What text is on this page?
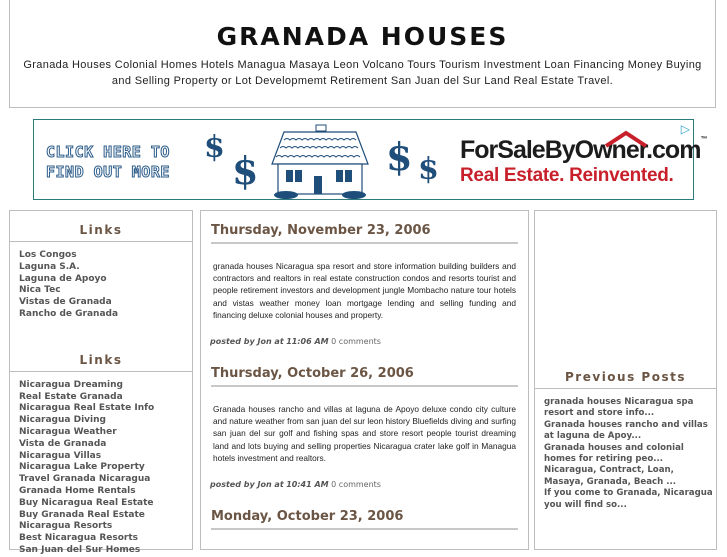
GRANADA HOUSES
Granada Houses Colonial Homes Hotels Managua Masaya Leon Volcano Tours Tourism Investment Loan Financing Money Buying and Selling Property or Lot Developmemt Retirement San Juan del Sur Land Real Estate Travel.
CLICK HERE TO
FIND OUT MORE
$
$	$ $
ForSaleByOwner.com™
Real Estate. Reinvented.
▷
Links
Los Congos
Laguna S.A.
Laguna de Apoyo
Nica Tec
Vistas de Granada
Rancho de Granada
Links
Nicaragua Dreaming
Real Estate Granada
Nicaragua Real Estate Info
Nicaragua Diving
Nicaragua Weather
Vista de Granada
Nicaragua Villas
Nicaragua Lake Property
Travel Granada Nicaragua
Granada Home Rentals
Buy Nicaragua Real Estate
Buy Granada Real Estate
Nicaragua Resorts
Best Nicaragua Resorts
San Juan del Sur Homes
Thursday, November 23, 2006
granada houses Nicaragua spa resort and store information building builders and contractors and realtors in real estate construction condos and resorts tourist and people retirement investors and development jungle Mombacho nature tour hotels and vistas weather money loan mortgage lending and selling funding and financing deluxe colonial houses and property.
posted by Jon at 11:06 AM 0 comments
Thursday, October 26, 2006
Granada houses rancho and villas at laguna de Apoyo deluxe condo city culture and nature weather from san juan del sur leon history Bluefields diving and surfing san juan del sur golf and fishing spas and store resort people tourist dreaming land and lots buying and selling properties Nicaragua crater lake golf in Managua hotels investment and realtors.
posted by Jon at 10:41 AM 0 comments
Monday, October 23, 2006
Previous Posts
granada houses Nicaragua spa resort and store info...
Granada houses rancho and villas at laguna de Apoy...
Granada houses and colonial homes for retiring peo...
Nicaragua, Contract, Loan, Masaya, Granada, Beach ...
If you come to Granada, Nicaragua you will find so...
